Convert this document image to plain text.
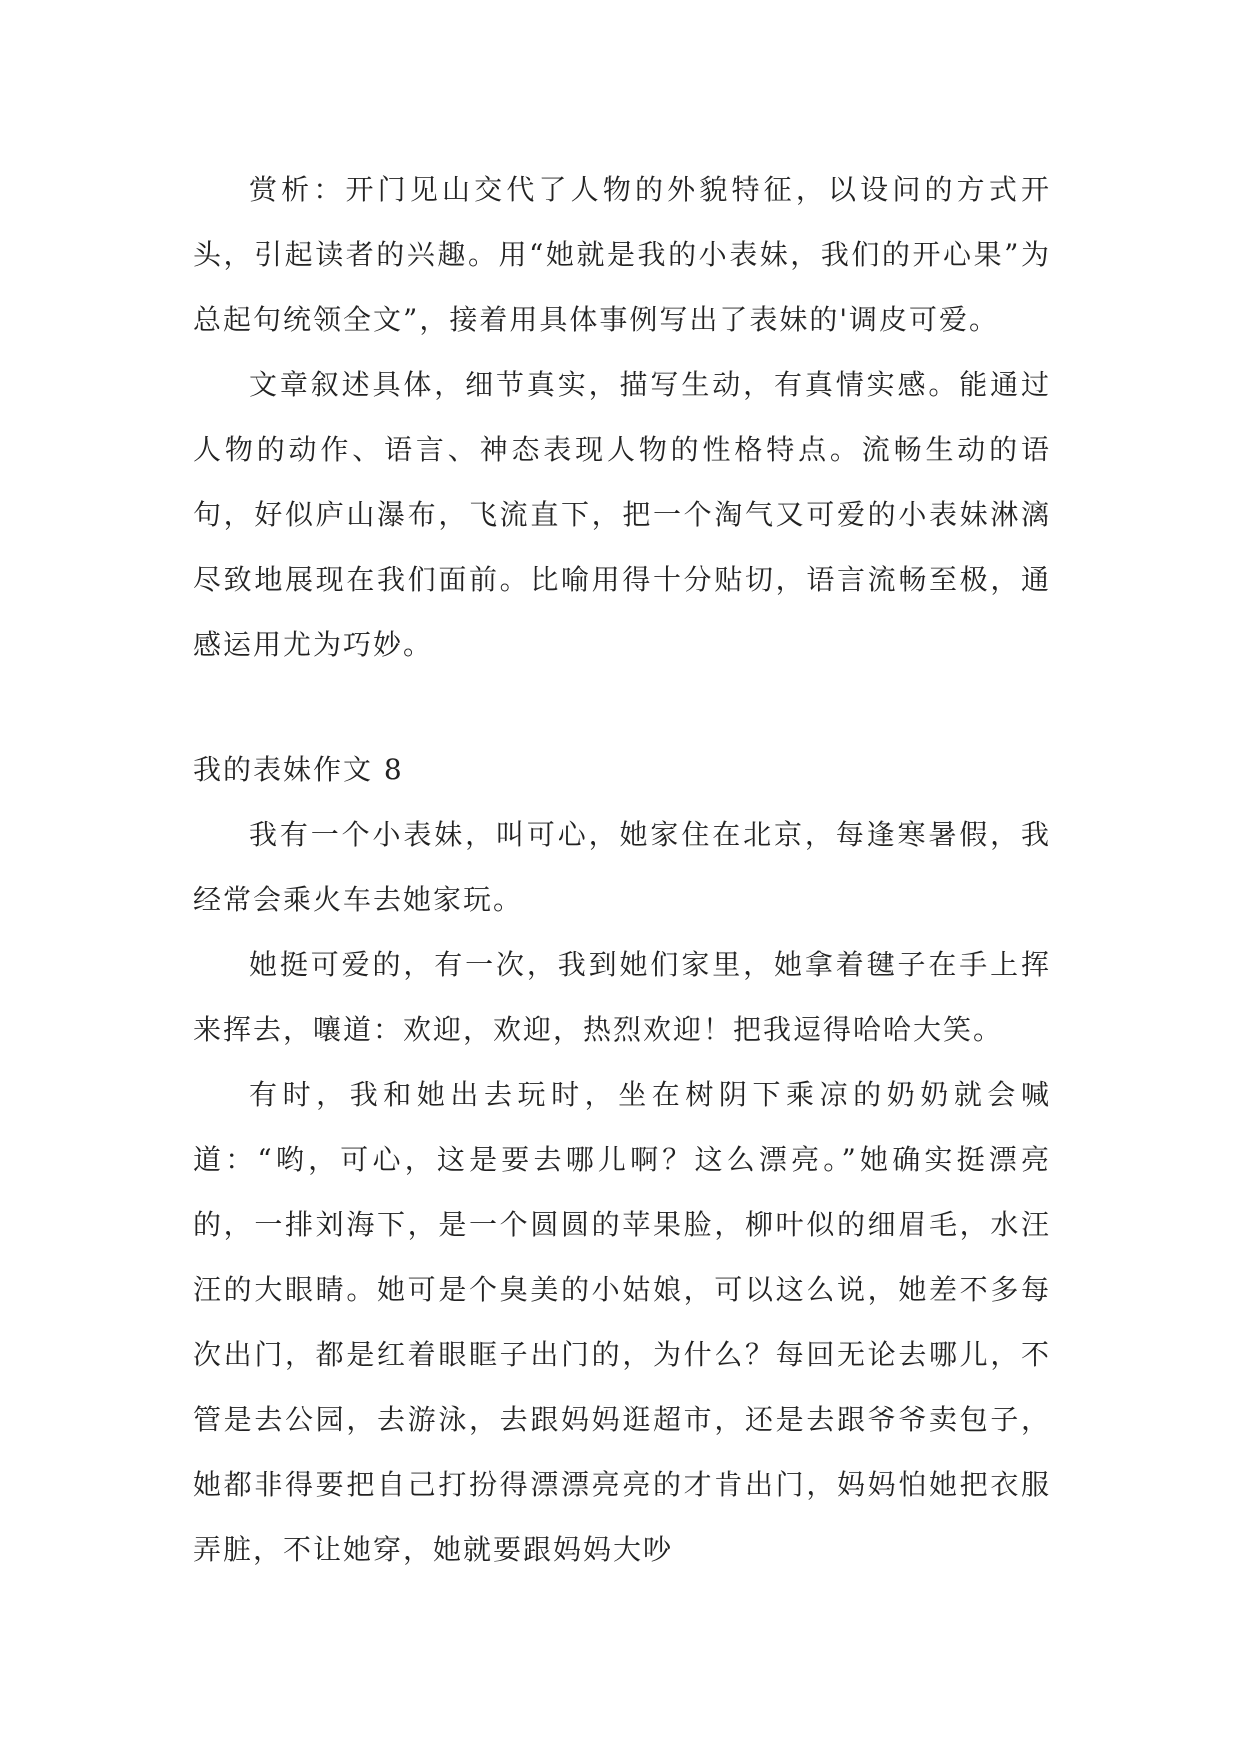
赏析：开门见山交代了人物的外貌特征，以设问的方式开头，引起读者的兴趣。用“她就是我的小表妹，我们的开心果”为总起句统领全文”，接着用具体事例写出了表妹的'调皮可爱。

文章叙述具体，细节真实，描写生动，有真情实感。能通过人物的动作、语言、神态表现人物的性格特点。流畅生动的语句，好似庐山瀑布，飞流直下，把一个淘气又可爱的小表妹淋漓尽致地展现在我们面前。比喻用得十分贴切，语言流畅至极，通感运用尤为巧妙。

我的表妹作文 8

我有一个小表妹，叫可心，她家住在北京，每逢寒暑假，我经常会乘火车去她家玩。

她挺可爱的，有一次，我到她们家里，她拿着毽子在手上挥来挥去，嚷道：欢迎，欢迎，热烈欢迎！把我逗得哈哈大笑。

有时，我和她出去玩时，坐在树阴下乘凉的奶奶就会喊道：“哟，可心，这是要去哪儿啊？这么漂亮。”她确实挺漂亮的，一排刘海下，是一个圆圆的苹果脸，柳叶似的细眉毛，水汪汪的大眼睛。她可是个臭美的小姑娘，可以这么说，她差不多每次出门，都是红着眼眶子出门的，为什么？每回无论去哪儿，不管是去公园，去游泳，去跟妈妈逛超市，还是去跟爷爷卖包子，她都非得要把自己打扮得漂漂亮亮的才肯出门，妈妈怕她把衣服弄脏，不让她穿，她就要跟妈妈大吵
